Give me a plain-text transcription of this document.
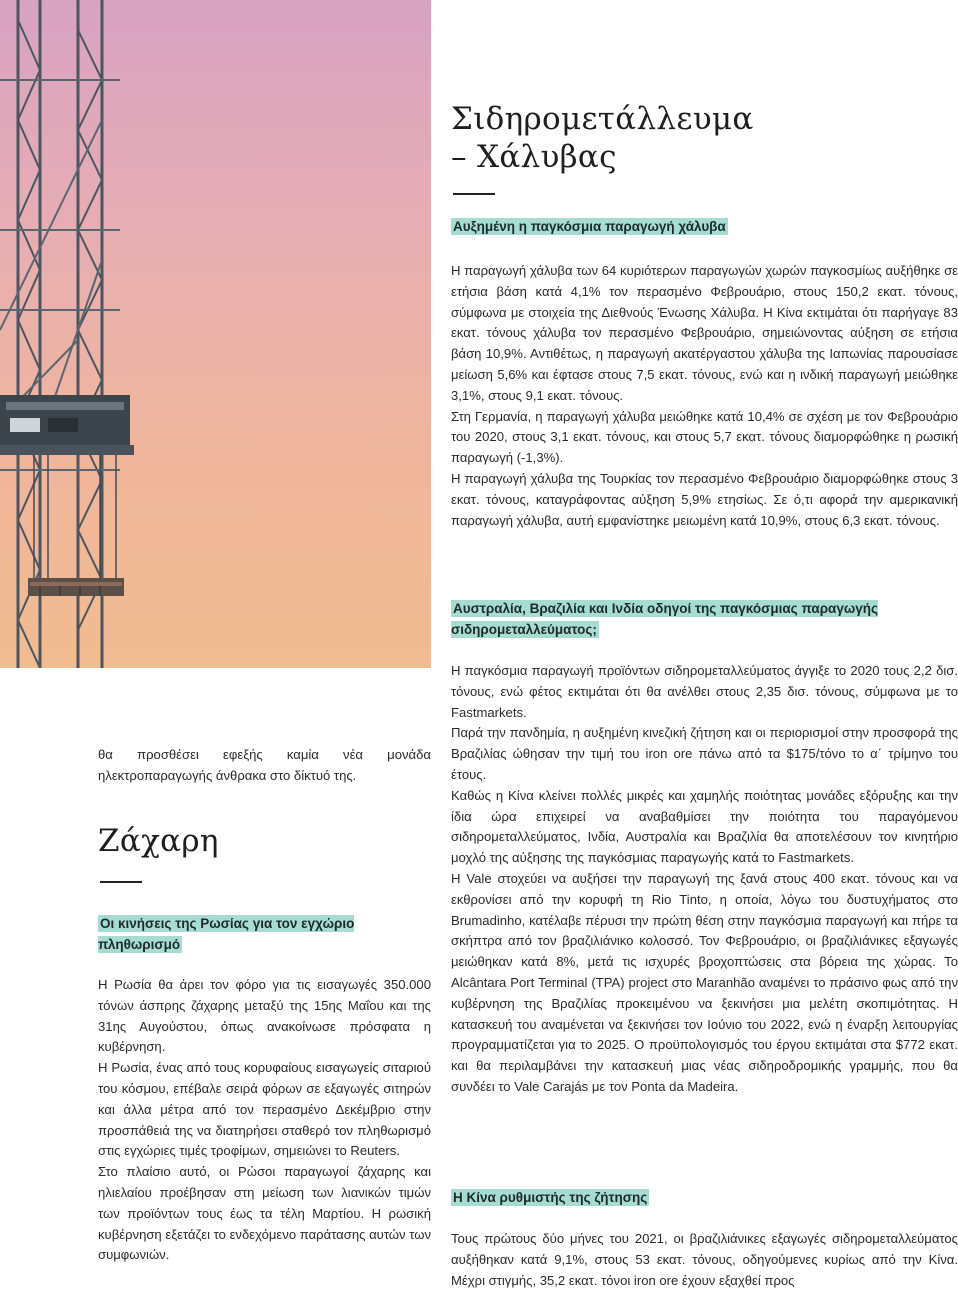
Σιδηρομετάλλευμα
– Χάλυβας
Αυξημένη η παγκόσμια παραγωγή χάλυβα

Η παραγωγή χάλυβα των 64 κυριότερων παραγωγών χωρών παγκοσμίως αυξήθηκε σε ετήσια βάση κατά 4,1% τον περασμένο Φεβρουάριο, στους 150,2 εκατ. τόνους, σύμφωνα με στοιχεία της Διεθνούς Ένωσης Χάλυβα. Η Κίνα εκτιμάται ότι παρήγαγε 83 εκατ. τόνους χάλυβα τον περασμένο Φεβρουάριο, σημειώνοντας αύξηση σε ετήσια βάση 10,9%. Αντιθέτως, η παραγωγή ακατέργαστου χάλυβα της Ιαπωνίας παρουσίασε μείωση 5,6% και έφτασε στους 7,5 εκατ. τόνους, ενώ και η ινδική παραγωγή μειώθηκε 3,1%, στους 9,1 εκατ. τόνους.

Στη Γερμανία, η παραγωγή χάλυβα μειώθηκε κατά 10,4% σε σχέση με τον Φεβρουάριο του 2020, στους 3,1 εκατ. τόνους, και στους 5,7 εκατ. τόνους διαμορφώθηκε η ρωσική παραγωγή (-1,3%).

Η παραγωγή χάλυβα της Τουρκίας τον περασμένο Φεβρουάριο διαμορφώθηκε στους 3 εκατ. τόνους, καταγράφοντας αύξηση 5,9% ετησίως. Σε ό,τι αφορά την αμερικανική παραγωγή χάλυβα, αυτή εμφανίστηκε μειωμένη κατά 10,9%, στους 6,3 εκατ. τόνους.

Αυστραλία, Βραζιλία και Ινδία οδηγοί της παγκόσμιας παραγωγής σιδηρομεταλλεύματος;

Η παγκόσμια παραγωγή προϊόντων σιδηρομεταλλεύματος άγγιξε το 2020 τους 2,2 δισ. τόνους, ενώ φέτος εκτιμάται ότι θα ανέλθει στους 2,35 δισ. τόνους, σύμφωνα με το Fastmarkets.

Παρά την πανδημία, η αυξημένη κινεζική ζήτηση και οι περιορισμοί στην προσφορά της Βραζιλίας ώθησαν την τιμή του iron ore πάνω από τα $175/τόνο το α΄ τρίμηνο του έτους.

Καθώς η Κίνα κλείνει πολλές μικρές και χαμηλής ποιότητας μονάδες εξόρυξης και την ίδια ώρα επιχειρεί να αναβαθμίσει την ποιότητα του παραγόμενου σιδηρομεταλλεύματος, Ινδία, Αυστραλία και Βραζιλία θα αποτελέσουν τον κινητήριο μοχλό της αύξησης της παγκόσμιας παραγωγής κατά το Fastmarkets.

Η Vale στοχεύει να αυξήσει την παραγωγή της ξανά στους 400 εκατ. τόνους και να εκθρονίσει από την κορυφή τη Rio Tinto, η οποία, λόγω του δυστυχήματος στο Brumadinho, κατέλαβε πέρυσι την πρώτη θέση στην παγκόσμια παραγωγή και πήρε τα σκήπτρα από τον βραζιλιάνικο κολοσσό. Τον Φεβρουάριο, οι βραζιλιάνικες εξαγωγές μειώθηκαν κατά 8%, μετά τις ισχυρές βροχοπτώσεις στα βόρεια της χώρας. Το Alcântara Port Terminal (TPA) project στο Maranhão αναμένει το πράσινο φως από την κυβέρνηση της Βραζιλίας προκειμένου να ξεκινήσει μια μελέτη σκοπιμότητας. Η κατασκευή του αναμένεται να ξεκινήσει τον Ιούνιο του 2022, ενώ η έναρξη λειτουργίας προγραμματίζεται για το 2025. Ο προϋπολογισμός του έργου εκτιμάται στα $772 εκατ. και θα περιλαμβάνει την κατασκευή μιας νέας σιδηροδρομικής γραμμής, που θα συνδέει το Vale Carajás με τον Ponta da Madeira.

Η Κίνα ρυθμιστής της ζήτησης

Τους πρώτους δύο μήνες του 2021, οι βραζιλιάνικες εξαγωγές σιδηρομεταλλεύματος αυξήθηκαν κατά 9,1%, στους 53 εκατ. τόνους, οδηγούμενες κυρίως από την Κίνα. Μέχρι στιγμής, 35,2 εκατ. τόνοι iron ore έχουν εξαχθεί προς

θα προσθέσει εφεξής καμία νέα μονάδα ηλεκτροπαραγωγής άνθρακα στο δίκτυό της.

Ζάχαρη
Οι κινήσεις της Ρωσίας για τον εγχώριο πληθωρισμό

Η Ρωσία θα άρει τον φόρο για τις εισαγωγές 350.000 τόνων άσπρης ζάχαρης μεταξύ της 15ης Μαΐου και της 31ης Αυγούστου, όπως ανακοίνωσε πρόσφατα η κυβέρνηση.

Η Ρωσία, ένας από τους κορυφαίους εισαγωγείς σιταριού του κόσμου, επέβαλε σειρά φόρων σε εξαγωγές σιτηρών και άλλα μέτρα από τον περασμένο Δεκέμβριο στην προσπάθειά της να διατηρήσει σταθερό τον πληθωρισμό στις εγχώριες τιμές τροφίμων, σημειώνει το Reuters.

Στο πλαίσιο αυτό, οι Ρώσοι παραγωγοί ζάχαρης και ηλιελαίου προέβησαν στη μείωση των λιανικών τιμών των προϊόντων τους έως τα τέλη Μαρτίου. Η ρωσική κυβέρνηση εξετάζει το ενδεχόμενο παράτασης αυτών των συμφωνιών.
